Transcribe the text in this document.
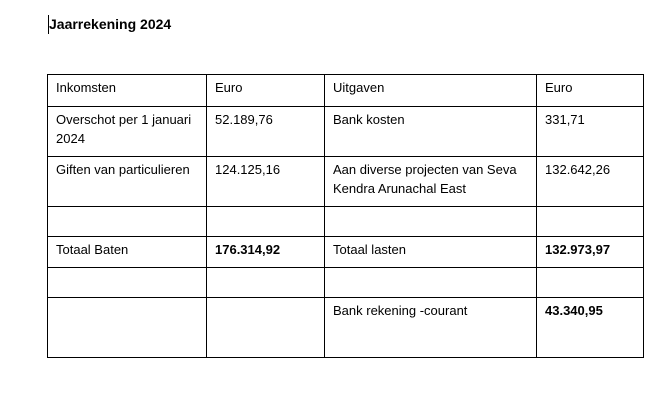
Jaarrekening 2024
Inkomsten	Euro	Uitgaven	Euro

Overschot per 1 januari 2024	52.189,76	Bank kosten	331,71

Giften van particulieren	124.125,16	Aan diverse projecten van Seva Kendra Arunachal East	132.642,26

Totaal Baten	176.314,92	Totaal lasten	132.973,97

		Bank rekening -courant	43.340,95
